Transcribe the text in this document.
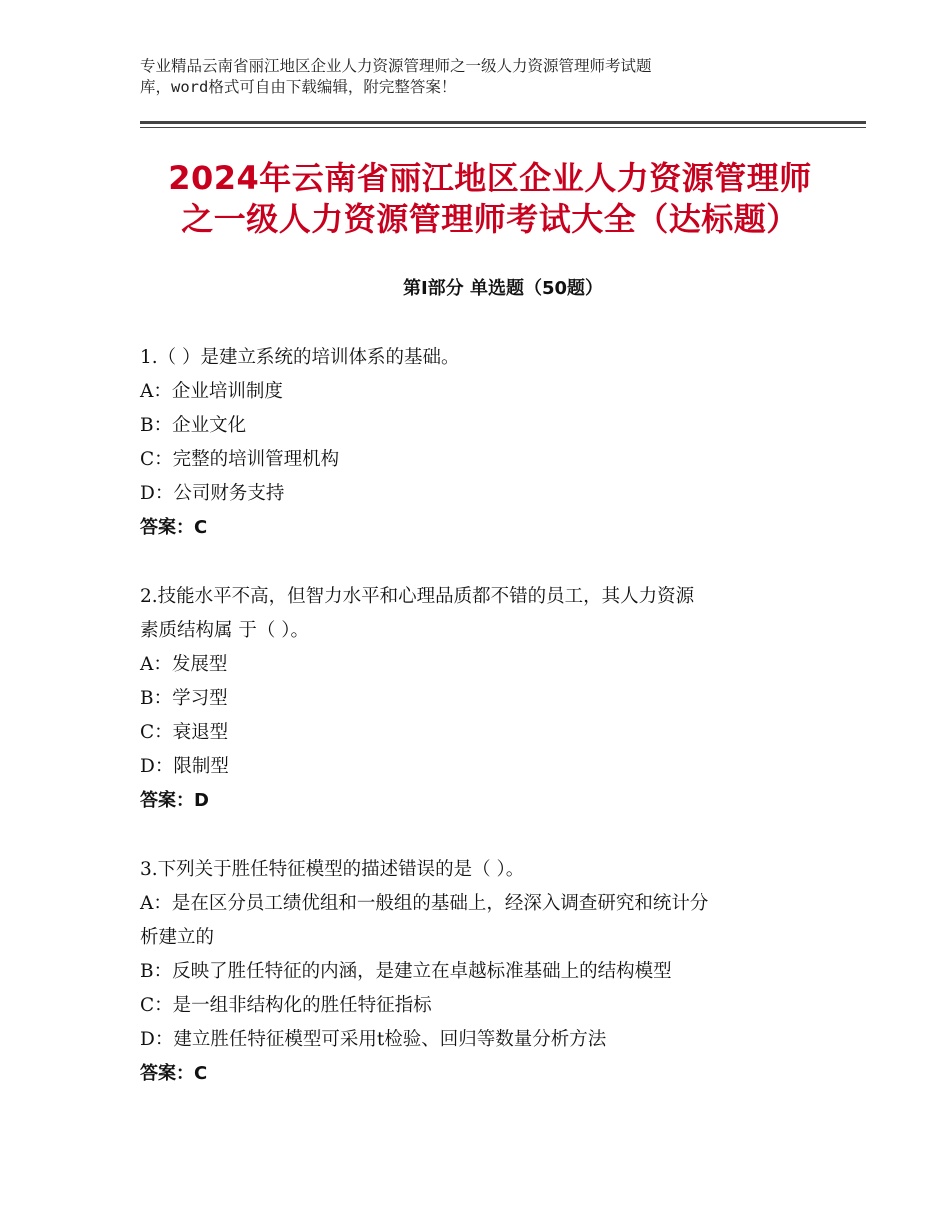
专业精品云南省丽江地区企业人力资源管理师之一级人力资源管理师考试题
库，word格式可自由下载编辑，附完整答案！
2024年云南省丽江地区企业人力资源管理师
之一级人力资源管理师考试大全（达标题）
第Ⅰ部分 单选题（50题）
1.（ ）是建立系统的培训体系的基础。
A：企业培训制度
B：企业文化
C：完整的培训管理机构
D：公司财务支持
答案：C
2.技能水平不高，但智力水平和心理品质都不错的员工，其人力资源
素质结构属 于（ ）。
A：发展型
B：学习型
C：衰退型
D：限制型
答案：D
3.下列关于胜任特征模型的描述错误的是（ ）。
A：是在区分员工绩优组和一般组的基础上，经深入调查研究和统计分
析建立的
B：反映了胜任特征的内涵，是建立在卓越标准基础上的结构模型
C：是一组非结构化的胜任特征指标
D：建立胜任特征模型可采用t检验、回归等数量分析方法
答案：C
